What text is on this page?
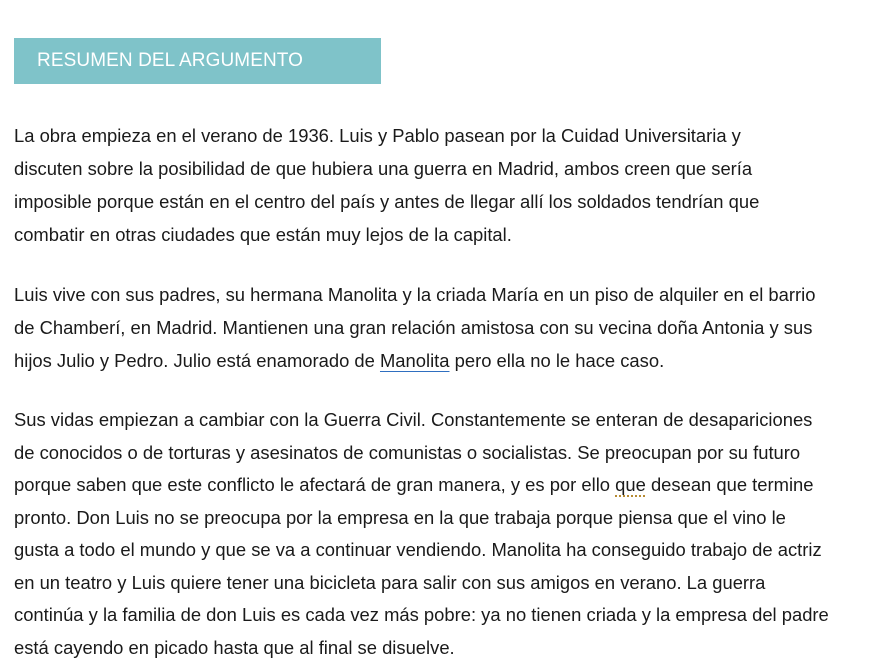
RESUMEN DEL ARGUMENTO

La obra empieza en el verano de 1936. Luis y Pablo pasean por la Cuidad Universitaria y
discuten sobre la posibilidad de que hubiera una guerra en Madrid, ambos creen que sería
imposible porque están en el centro del país y antes de llegar allí los soldados tendrían que
combatir en otras ciudades que están muy lejos de la capital.

Luis vive con sus padres, su hermana Manolita y la criada María en un piso de alquiler en el barrio
de Chamberí, en Madrid. Mantienen una gran relación amistosa con su vecina doña Antonia y sus
hijos Julio y Pedro. Julio está enamorado de Manolita pero ella no le hace caso.

Sus vidas empiezan a cambiar con la Guerra Civil. Constantemente se enteran de desapariciones
de conocidos o de torturas y asesinatos de comunistas o socialistas. Se preocupan por su futuro
porque saben que este conflicto le afectará de gran manera, y es por ello que desean que termine
pronto. Don Luis no se preocupa por la empresa en la que trabaja porque piensa que el vino le
gusta a todo el mundo y que se va a continuar vendiendo. Manolita ha conseguido trabajo de actriz
en un teatro y Luis quiere tener una bicicleta para salir con sus amigos en verano. La guerra
continúa y la familia de don Luis es cada vez más pobre: ya no tienen criada y la empresa del padre
está cayendo en picado hasta que al final se disuelve.
